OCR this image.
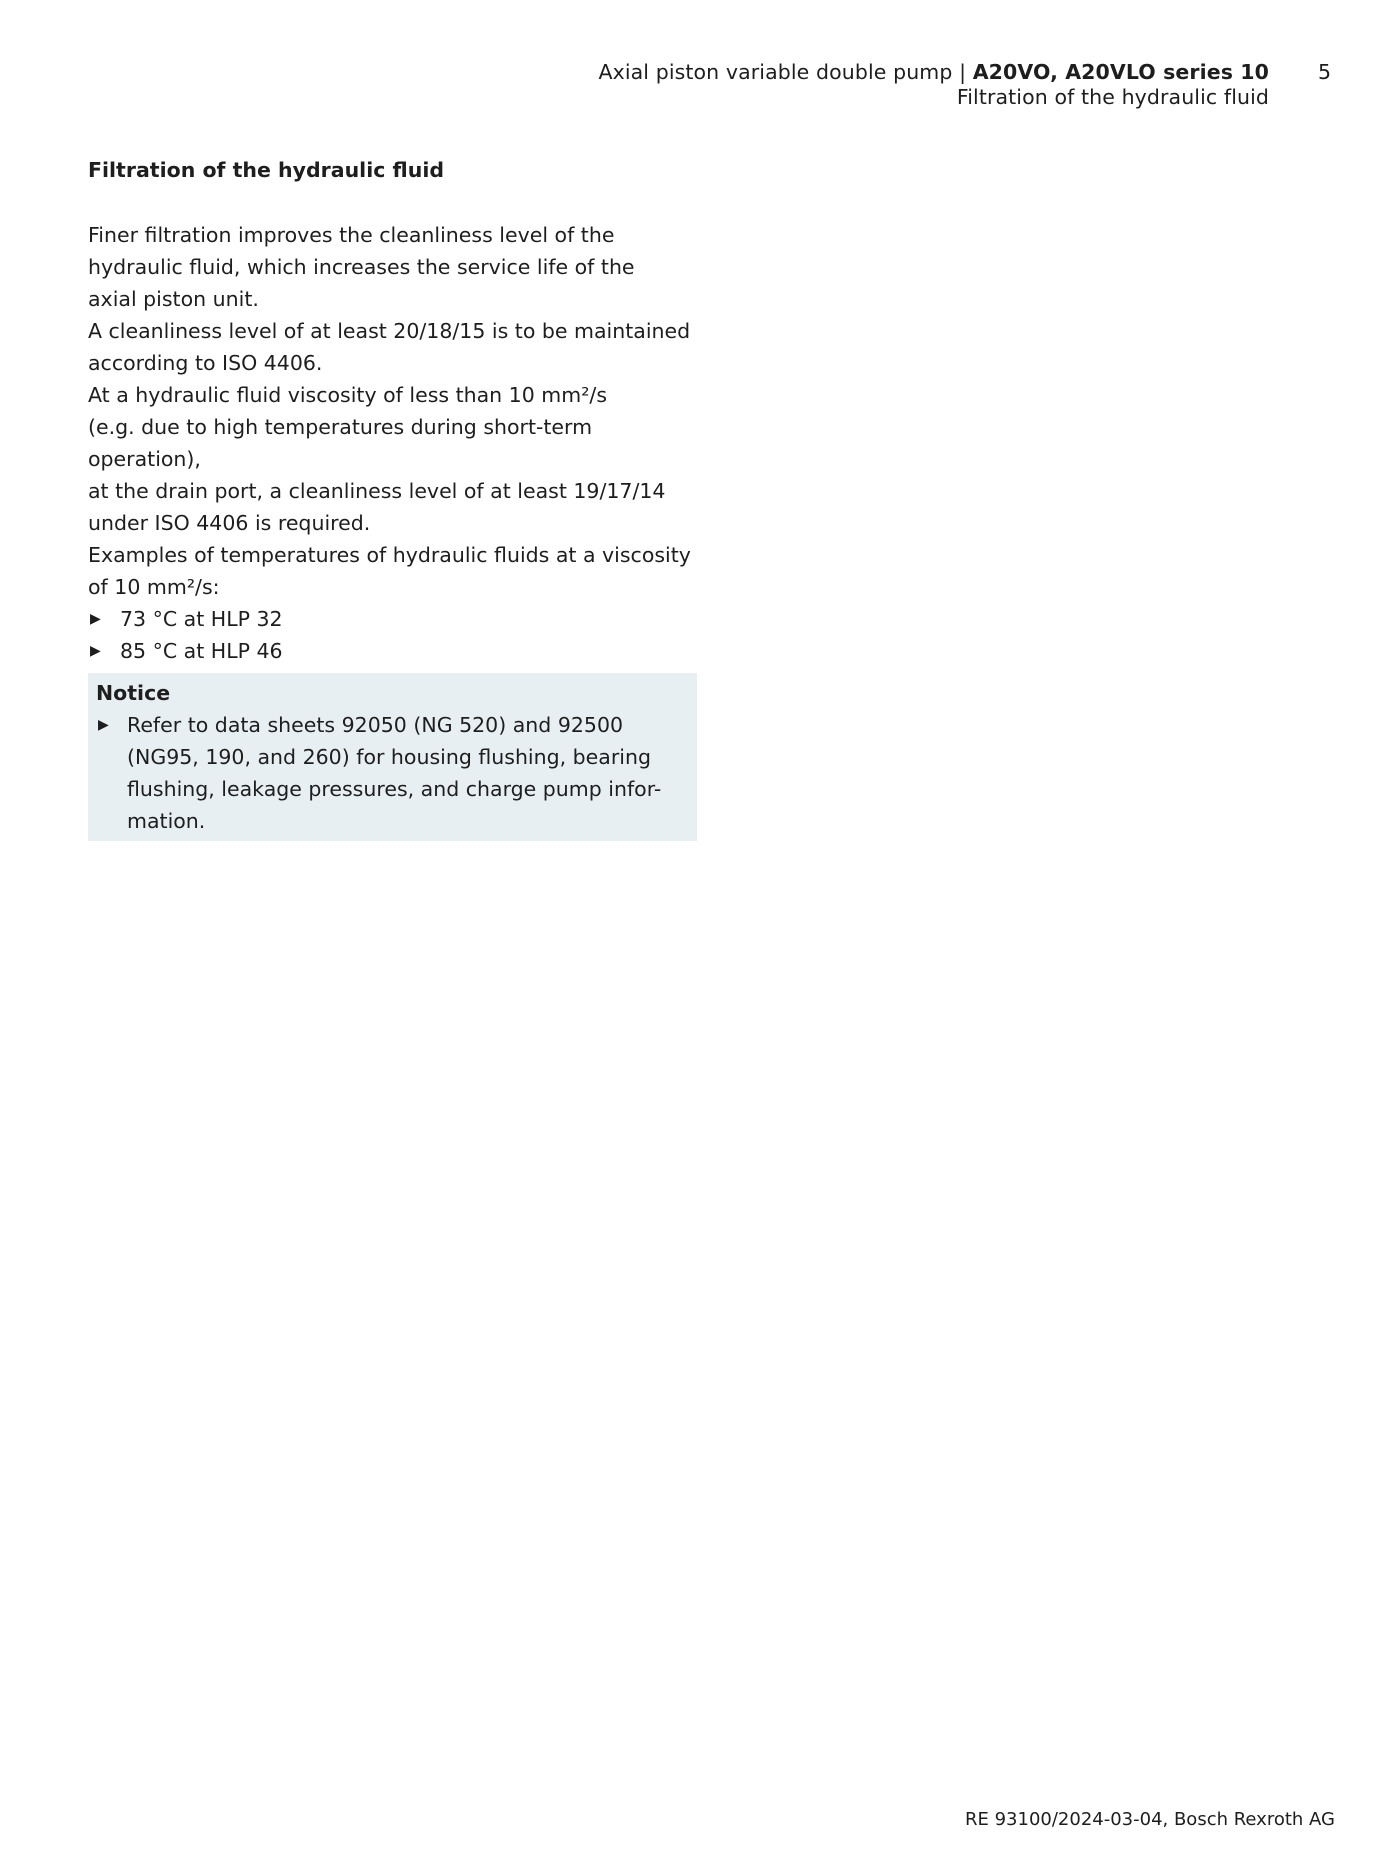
Axial piston variable double pump | A20VO, A20VLO series 10
Filtration of the hydraulic fluid
5
Filtration of the hydraulic fluid

Finer filtration improves the cleanliness level of the
hydraulic fluid, which increases the service life of the
axial piston unit.

A cleanliness level of at least 20/18/15 is to be maintained
according to ISO 4406.

At a hydraulic fluid viscosity of less than 10 mm²/s
(e.g. due to high temperatures during short-term operation),
at the drain port, a cleanliness level of at least 19/17/14
under ISO 4406 is required.

Examples of temperatures of hydraulic fluids at a viscosity
of 10 mm²/s:

▶ 73 °C at HLP 32
▶ 85 °C at HLP 46
Notice
▶ Refer to data sheets 92050 (NG 520) and 92500
(NG95, 190, and 260) for housing flushing, bearing
flushing, leakage pressures, and charge pump infor-
mation.
RE 93100/2024-03-04, Bosch Rexroth AG
